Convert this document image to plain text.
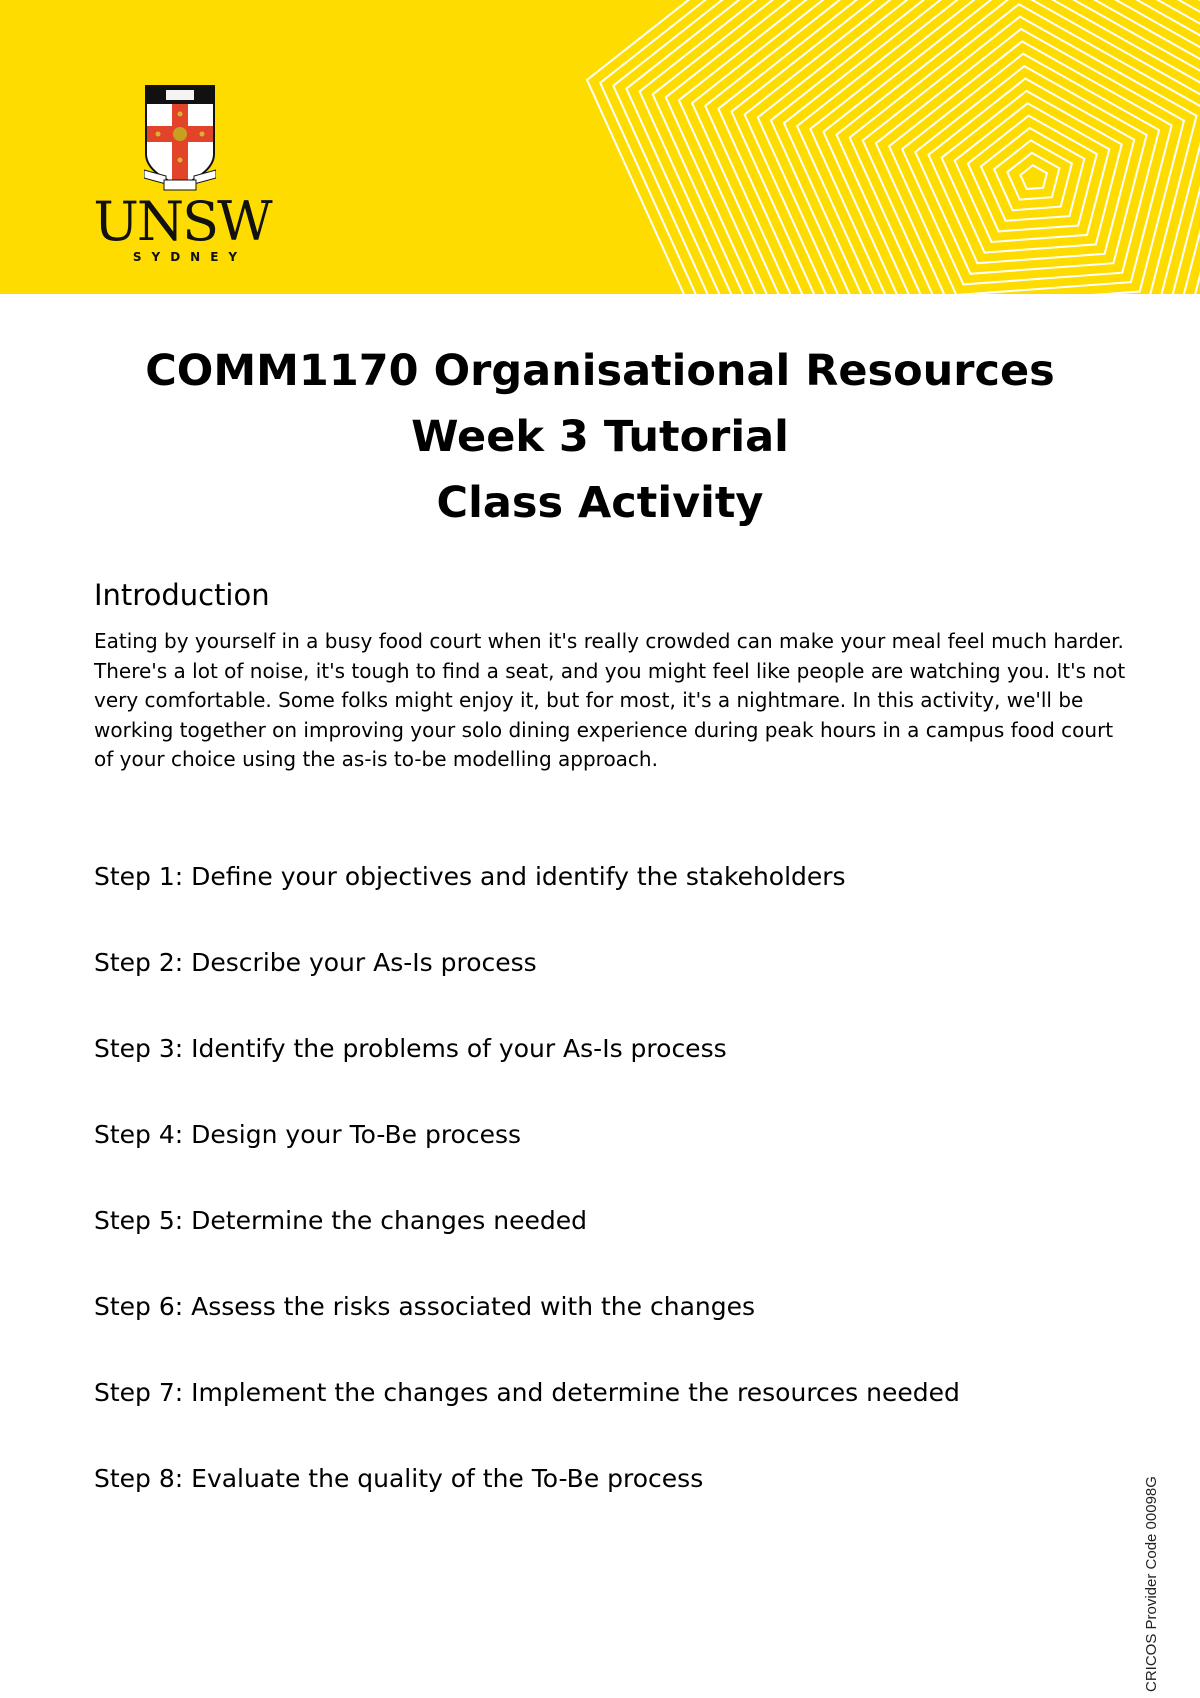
UNSW
SYDNEY
COMM1170 Organisational Resources
Week 3 Tutorial
Class Activity
Introduction
Eating by yourself in a busy food court when it's really crowded can make your meal feel much harder. There's a lot of noise, it's tough to find a seat, and you might feel like people are watching you. It's not very comfortable. Some folks might enjoy it, but for most, it's a nightmare. In this activity, we'll be working together on improving your solo dining experience during peak hours in a campus food court of your choice using the as-is to-be modelling approach.
Step 1: Define your objectives and identify the stakeholders
Step 2: Describe your As-Is process
Step 3: Identify the problems of your As-Is process
Step 4: Design your To-Be process
Step 5: Determine the changes needed
Step 6: Assess the risks associated with the changes
Step 7: Implement the changes and determine the resources needed
Step 8: Evaluate the quality of the To-Be process	CRICOS Provider Code 00098G
